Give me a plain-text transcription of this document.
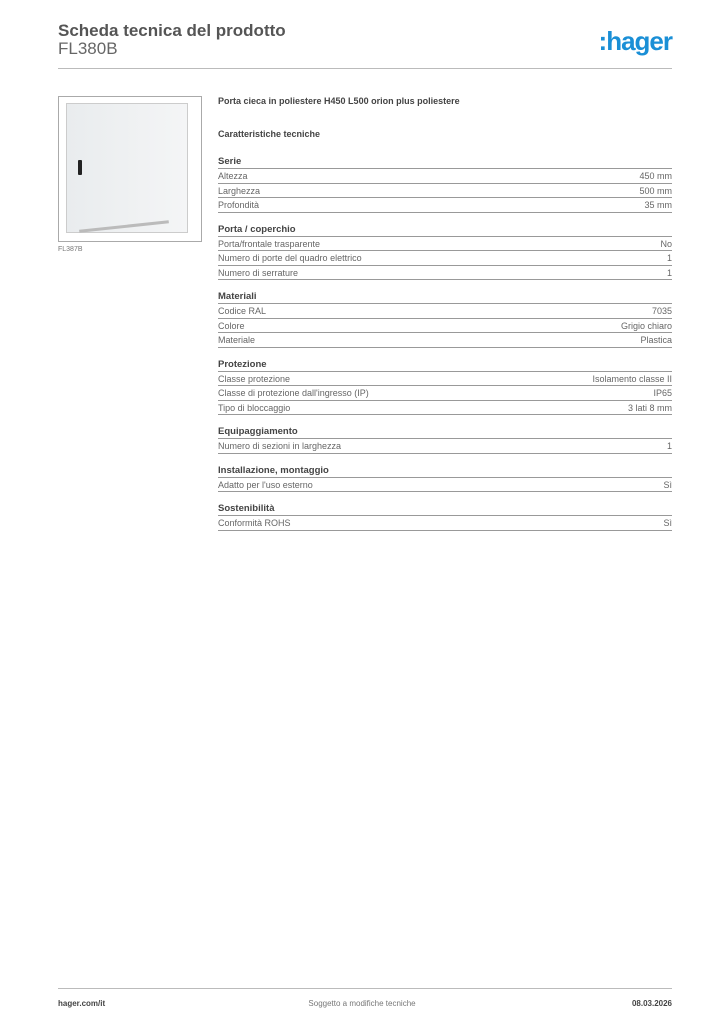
Scheda tecnica del prodotto
FL380B	:hager
FL387B
Porta cieca in poliestere H450 L500 orion plus poliestere
Caratteristiche tecniche
Serie
Altezza	450 mm
Larghezza	500 mm
Profondità	35 mm
Porta / coperchio
Porta/frontale trasparente	No
Numero di porte del quadro elettrico	1
Numero di serrature	1
Materiali
Codice RAL	7035
Colore	Grigio chiaro
Materiale	Plastica
Protezione
Classe protezione	Isolamento classe II
Classe di protezione dall'ingresso (IP)	IP65
Tipo di bloccaggio	3 lati 8 mm
Equipaggiamento
Numero di sezioni in larghezza	1
Installazione, montaggio
Adatto per l'uso esterno	Sì
Sostenibilità
Conformità ROHS	Sì
hager.com/it	Soggetto a modifiche tecniche	08.03.2026
